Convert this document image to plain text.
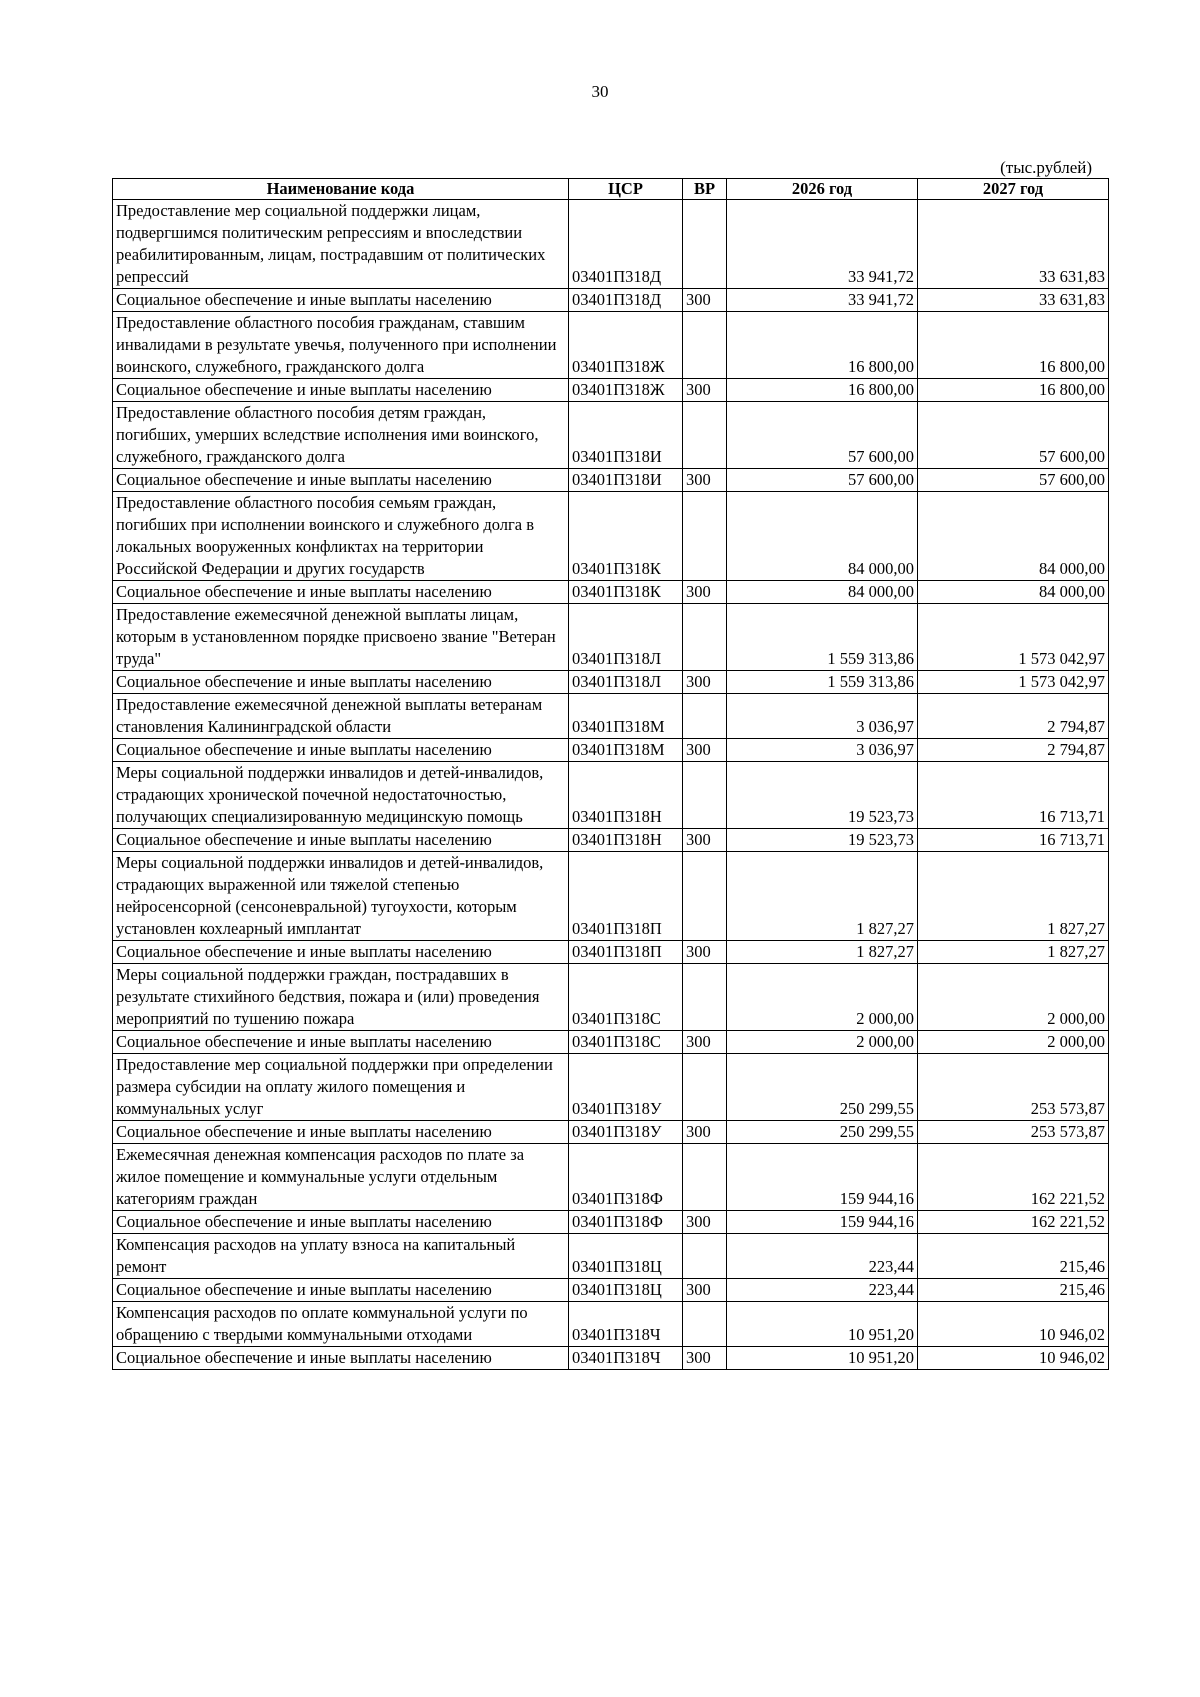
30
(тыс.рублей)
Наименование кода	ЦСР	ВР	2026 год	2027 год
Предоставление мер социальной поддержки лицам, подвергшимся политическим репрессиям и впоследствии реабилитированным, лицам, пострадавшим от политических репрессий	03401П318Д		33 941,72	33 631,83
Социальное обеспечение и иные выплаты населению	03401П318Д	300	33 941,72	33 631,83
Предоставление областного пособия гражданам, ставшим инвалидами в результате увечья, полученного при исполнении воинского, служебного, гражданского долга	03401П318Ж		16 800,00	16 800,00
Социальное обеспечение и иные выплаты населению	03401П318Ж	300	16 800,00	16 800,00
Предоставление областного пособия детям граждан, погибших, умерших вследствие исполнения ими воинского, служебного, гражданского долга	03401П318И		57 600,00	57 600,00
Социальное обеспечение и иные выплаты населению	03401П318И	300	57 600,00	57 600,00
Предоставление областного пособия семьям граждан, погибших при исполнении воинского и служебного долга в локальных вооруженных конфликтах на территории Российской Федерации и других государств	03401П318К		84 000,00	84 000,00
Социальное обеспечение и иные выплаты населению	03401П318К	300	84 000,00	84 000,00
Предоставление ежемесячной денежной выплаты лицам, которым в установленном порядке присвоено звание "Ветеран труда"	03401П318Л		1 559 313,86	1 573 042,97
Социальное обеспечение и иные выплаты населению	03401П318Л	300	1 559 313,86	1 573 042,97
Предоставление ежемесячной денежной выплаты ветеранам становления Калининградской области	03401П318М		3 036,97	2 794,87
Социальное обеспечение и иные выплаты населению	03401П318М	300	3 036,97	2 794,87
Меры социальной поддержки инвалидов и детей-инвалидов, страдающих хронической почечной недостаточностью, получающих специализированную медицинскую помощь	03401П318Н		19 523,73	16 713,71
Социальное обеспечение и иные выплаты населению	03401П318Н	300	19 523,73	16 713,71
Меры социальной поддержки инвалидов и детей-инвалидов, страдающих выраженной или тяжелой степенью нейросенсорной (сенсоневральной) тугоухости, которым установлен кохлеарный имплантат	03401П318П		1 827,27	1 827,27
Социальное обеспечение и иные выплаты населению	03401П318П	300	1 827,27	1 827,27
Меры социальной поддержки граждан, пострадавших в результате стихийного бедствия, пожара и (или) проведения мероприятий по тушению пожара	03401П318С		2 000,00	2 000,00
Социальное обеспечение и иные выплаты населению	03401П318С	300	2 000,00	2 000,00
Предоставление мер социальной поддержки при определении размера субсидии на оплату жилого помещения и коммунальных услуг	03401П318У		250 299,55	253 573,87
Социальное обеспечение и иные выплаты населению	03401П318У	300	250 299,55	253 573,87
Ежемесячная денежная компенсация расходов по плате за жилое помещение и коммунальные услуги отдельным категориям граждан	03401П318Ф		159 944,16	162 221,52
Социальное обеспечение и иные выплаты населению	03401П318Ф	300	159 944,16	162 221,52
Компенсация расходов на уплату взноса на капитальный ремонт	03401П318Ц		223,44	215,46
Социальное обеспечение и иные выплаты населению	03401П318Ц	300	223,44	215,46
Компенсация расходов по оплате коммунальной услуги по обращению с твердыми коммунальными отходами	03401П318Ч		10 951,20	10 946,02
Социальное обеспечение и иные выплаты населению	03401П318Ч	300	10 951,20	10 946,02
